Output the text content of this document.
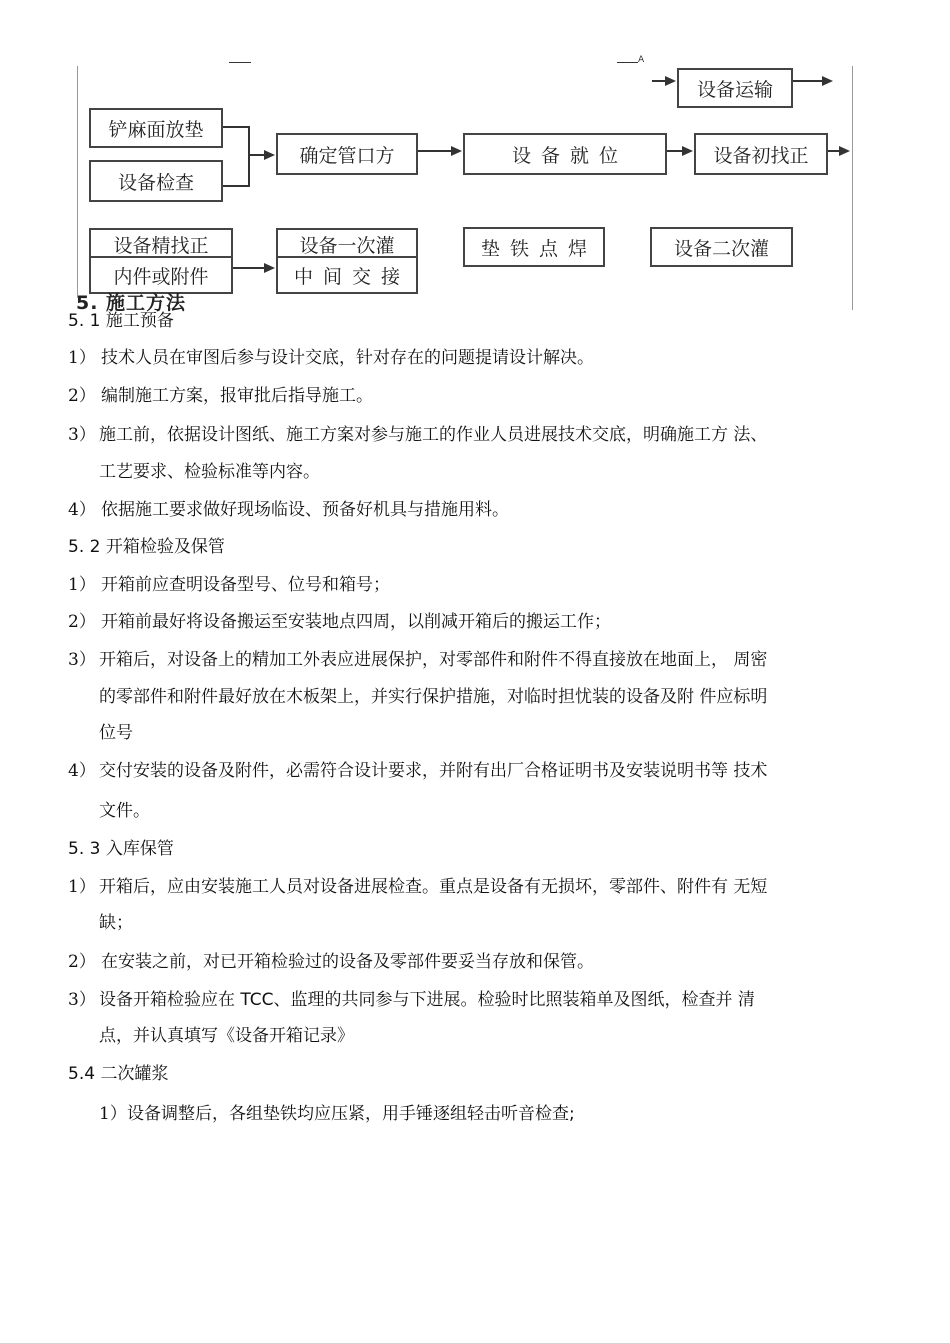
A
设备运输
铲麻面放垫
设备检查
确定管口方	设备就位	设备初找正
设备精找正	设备一次灌	垫铁点焊	设备二次灌
内件或附件	中间交接
5. 施工方法
5. 1 施工预备
1） 技术人员在审图后参与设计交底，针对存在的问题提请设计解决。
2） 编制施工方案，报审批后指导施工。
3） 施工前，依据设计图纸、施工方案对参与施工的作业人员进展技术交底，明确施工方 法、
工艺要求、检验标准等内容。
4） 依据施工要求做好现场临设、预备好机具与措施用料。
5. 2 开箱检验及保管
1） 开箱前应查明设备型号、位号和箱号；
2） 开箱前最好将设备搬运至安装地点四周，以削减开箱后的搬运工作；
3） 开箱后，对设备上的精加工外表应进展保护，对零部件和附件不得直接放在地面上， 周密
的零部件和附件最好放在木板架上，并实行保护措施，对临时担忧装的设备及附 件应标明
位号
4） 交付安装的设备及附件，必需符合设计要求，并附有出厂合格证明书及安装说明书等 技术
文件。
5. 3 入库保管
1） 开箱后，应由安装施工人员对设备进展检查。重点是设备有无损坏，零部件、附件有 无短
缺；
2） 在安装之前，对已开箱检验过的设备及零部件要妥当存放和保管。
3） 设备开箱检验应在 TCC、监理的共同参与下进展。检验时比照装箱单及图纸，检查并 清
点，并认真填写《设备开箱记录》
5.4 二次罐浆
1）设备调整后，各组垫铁均应压紧，用手锤逐组轻击听音检查;
